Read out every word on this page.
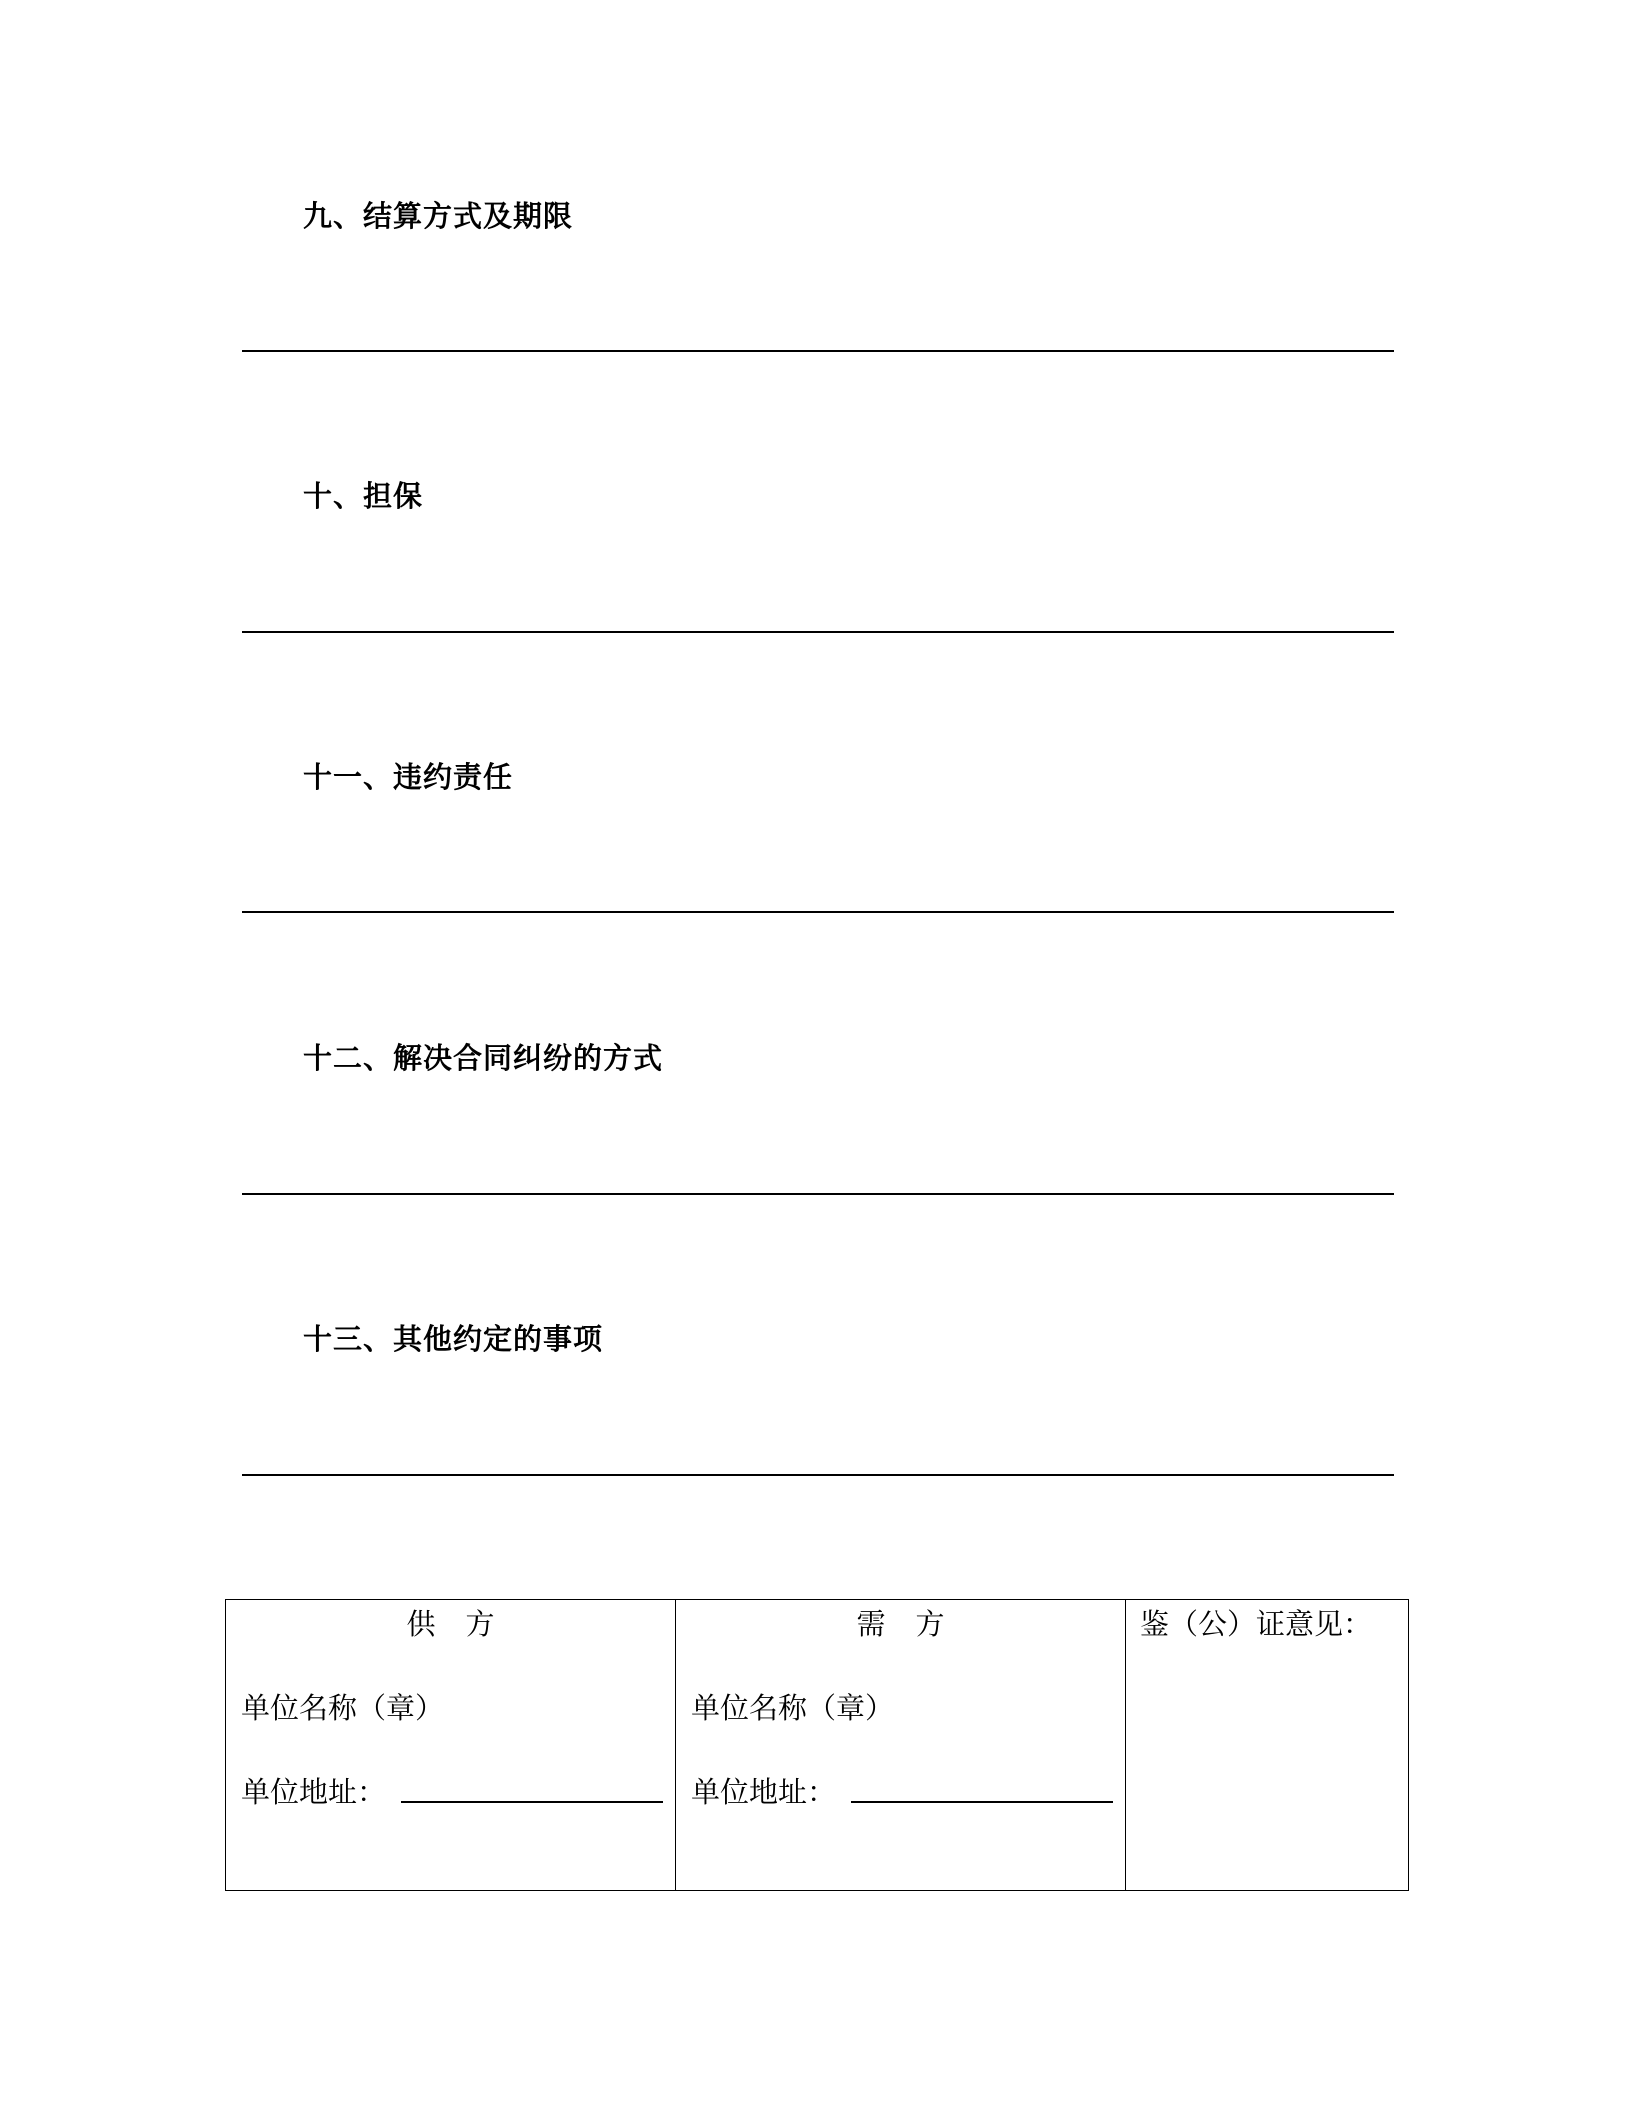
九、结算方式及期限
十、担保
十一、违约责任
十二、解决合同纠纷的方式
十三、其他约定的事项
供方
单位名称（章）
单位地址：

需方
单位名称（章）
单位地址：

鉴（公）证意见：
